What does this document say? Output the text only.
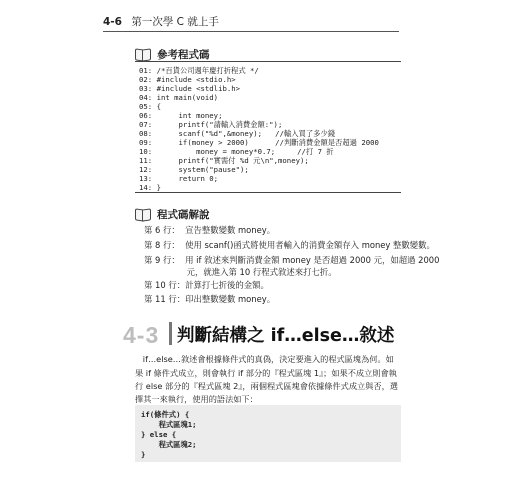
4-6 第一次學 C 就上手
參考程式碼
01: /*百貨公司週年慶打折程式 */
02: #include <stdio.h>
03: #include <stdlib.h>
04: int main(void)
05: {
06:      int money;
07:      printf("請輸入消費金額:");
08:      scanf("%d",&money);   //輸入買了多少錢
09:      if(money > 2000)      //判斷消費金額是否超過 2000
10:          money = money*0.7;     //打 7 折
11:      printf("實需付 %d 元\n",money);
12:      system("pause");
13:      return 0;
14: }
程式碼解說
第 6 行：  宣告整數變數 money。
第 8 行：  使用 scanf()函式將使用者輸入的消費金額存入 money 整數變數。
第 9 行：  用 if 敘述來判斷消費金額 money 是否超過 2000 元，如超過 2000
元，就進入第 10 行程式敘述來打七折。
第 10 行：計算打七折後的金額。
第 11 行：印出整數變數 money。
4-3 判斷結構之 if…else…敘述
if…else…敘述會根據條件式的真偽，決定要進入的程式區塊為何。如
果 if 條件式成立，則會執行 if 部分的『程式區塊 1』；如果不成立則會執
行 else 部分的『程式區塊 2』，兩個程式區塊會依據條件式成立與否，選
擇其一來執行，使用的語法如下：
if(條件式) {
程式區塊1;
} else {
程式區塊2;
}
